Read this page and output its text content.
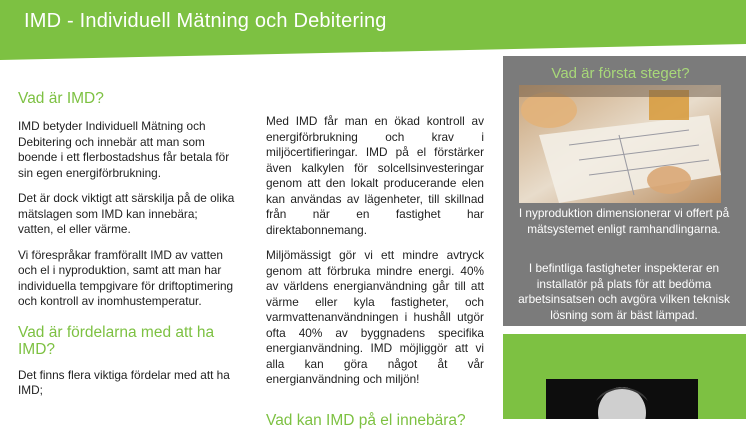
IMD - Individuell Mätning och Debitering
Vad är IMD?

IMD betyder Individuell Mätning och Debitering och innebär att man som boende i ett flerbostadshus får betala för sin egen energiförbrukning.

Det är dock viktigt att särskilja på de olika mätslagen som IMD kan innebära; vatten, el eller värme.

Vi förespråkar framförallt IMD av vatten och el i nyproduktion, samt att man har individuella tempgivare för driftoptimering och kontroll av inomhustemperatur.

Vad är fördelarna med att ha IMD?

Det finns flera viktiga fördelar med att ha IMD;

Med IMD får man en ökad kontroll av energiförbrukning och krav i miljöcertifieringar. IMD på el förstärker även kalkylen för solcellsinvesteringar genom att den lokalt producerande elen kan användas av lägenheter, till skillnad från när en fastighet har direktabonnemang.

Miljömässigt gör vi ett mindre avtryck genom att förbruka mindre energi. 40% av världens energianvändning går till att värme eller kyla fastigheter, och varmvattenanvändningen i hushåll utgör ofta 40% av byggnadens specifika energianvändning. IMD möjliggör att vi alla kan göra något åt vår energianvändning och miljön!

Vad kan IMD på el innebära?
Vad är första steget?

I nyproduktion dimensionerar vi offert på mätsystemet enligt ramhandlingarna.

I befintliga fastigheter inspekterar en installatör på plats för att bedöma arbetsinsatsen och avgöra vilken teknisk lösning som är bäst lämpad.
